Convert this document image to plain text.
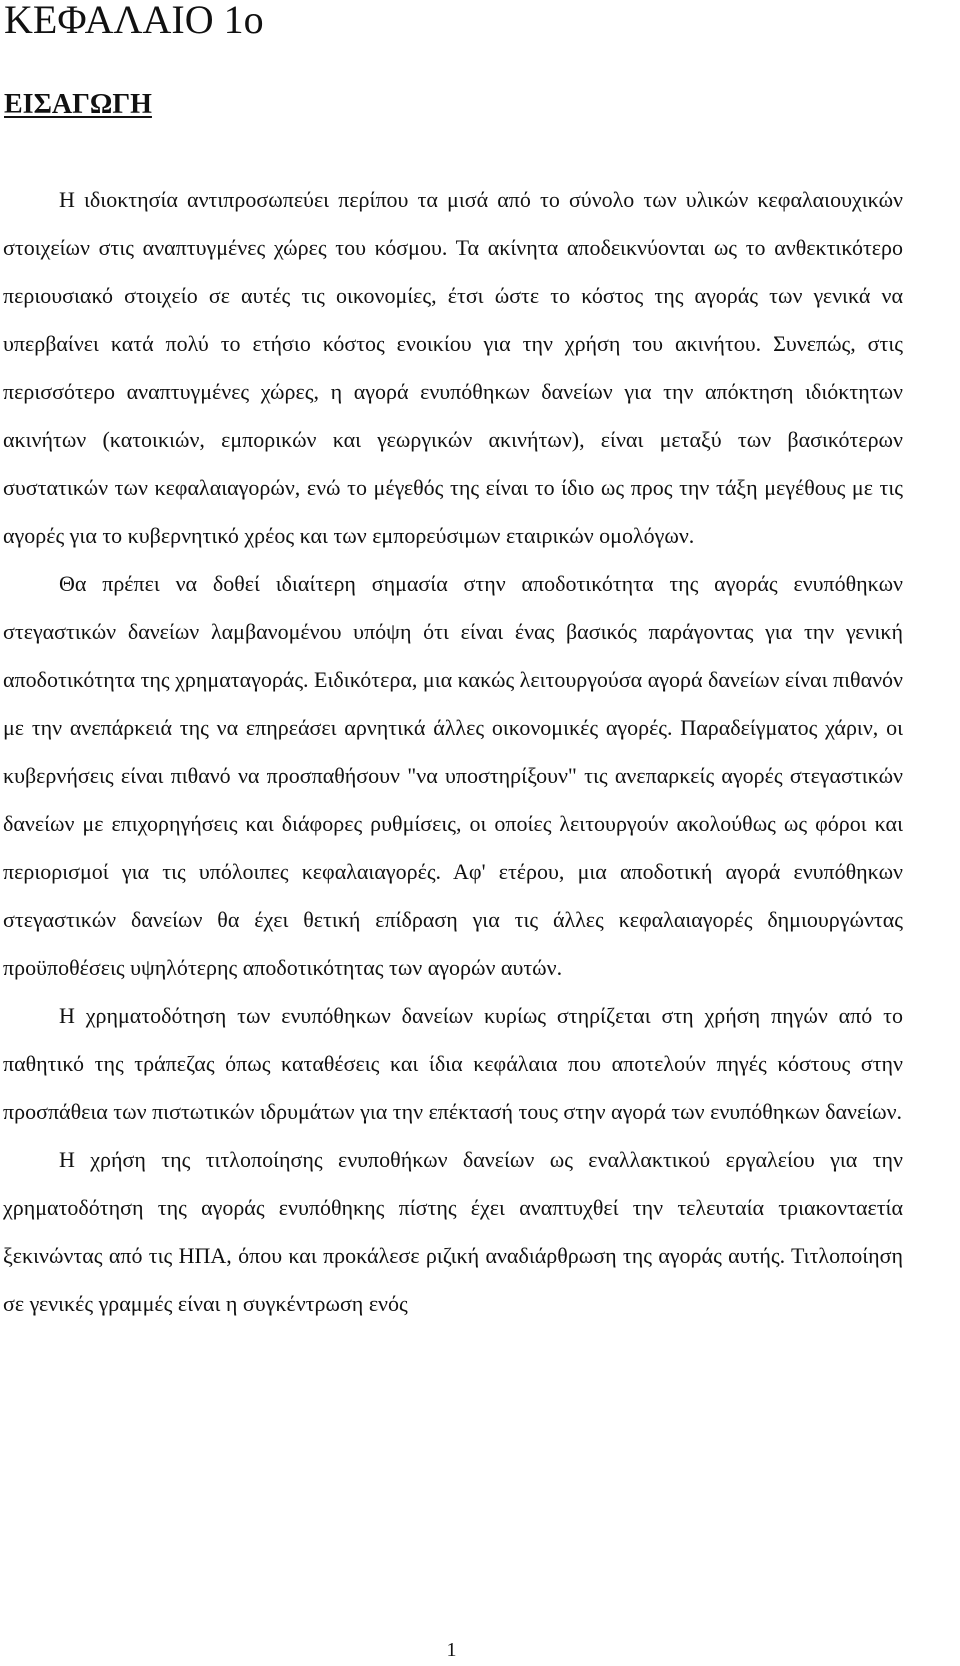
ΚΕΦΑΛΑΙΟ 1ο
ΕΙΣΑΓΩΓΗ

Η ιδιοκτησία αντιπροσωπεύει περίπου τα μισά από το σύνολο των υλικών κεφαλαιουχικών στοιχείων στις αναπτυγμένες χώρες του κόσμου. Τα ακίνητα αποδεικνύονται ως το ανθεκτικότερο περιουσιακό στοιχείο σε αυτές τις οικονομίες, έτσι ώστε το κόστος της αγοράς των γενικά να υπερβαίνει κατά πολύ το ετήσιο κόστος ενοικίου για την χρήση του ακινήτου. Συνεπώς, στις περισσότερο αναπτυγμένες χώρες, η αγορά ενυπόθηκων δανείων για την απόκτηση ιδιόκτητων ακινήτων (κατοικιών, εμπορικών και γεωργικών ακινήτων), είναι μεταξύ των βασικότερων συστατικών των κεφαλαιαγορών, ενώ το μέγεθός της είναι το ίδιο ως προς την τάξη μεγέθους με τις αγορές για το κυβερνητικό χρέος και των εμπορεύσιμων εταιρικών ομολόγων.

Θα πρέπει να δοθεί ιδιαίτερη σημασία στην αποδοτικότητα της αγοράς ενυπόθηκων στεγαστικών δανείων λαμβανομένου υπόψη ότι είναι ένας βασικός παράγοντας για την γενική αποδοτικότητα της χρηματαγοράς. Ειδικότερα, μια κακώς λειτουργούσα αγορά δανείων είναι πιθανόν με την ανεπάρκειά της να επηρεάσει αρνητικά άλλες οικονομικές αγορές. Παραδείγματος χάριν, οι κυβερνήσεις είναι πιθανό να προσπαθήσουν "να υποστηρίξουν" τις ανεπαρκείς αγορές στεγαστικών δανείων με επιχορηγήσεις και διάφορες ρυθμίσεις, οι οποίες λειτουργούν ακολούθως ως φόροι και περιορισμοί για τις υπόλοιπες κεφαλαιαγορές. Αφ' ετέρου, μια αποδοτική αγορά ενυπόθηκων στεγαστικών δανείων θα έχει θετική επίδραση για τις άλλες κεφαλαιαγορές δημιουργώντας προϋποθέσεις υψηλότερης αποδοτικότητας των αγορών αυτών.

Η χρηματοδότηση των ενυπόθηκων δανείων κυρίως στηρίζεται στη χρήση πηγών από το παθητικό της τράπεζας όπως καταθέσεις και ίδια κεφάλαια που αποτελούν πηγές κόστους στην προσπάθεια των πιστωτικών ιδρυμάτων για την επέκτασή τους στην αγορά των ενυπόθηκων δανείων.

Η χρήση της τιτλοποίησης ενυποθήκων δανείων ως εναλλακτικού εργαλείου για την χρηματοδότηση της αγοράς ενυπόθηκης πίστης έχει αναπτυχθεί την τελευταία τριακονταετία ξεκινώντας από τις ΗΠΑ, όπου και προκάλεσε ριζική αναδιάρθρωση της αγοράς αυτής. Τιτλοποίηση σε γενικές γραμμές είναι η συγκέντρωση ενός

1
